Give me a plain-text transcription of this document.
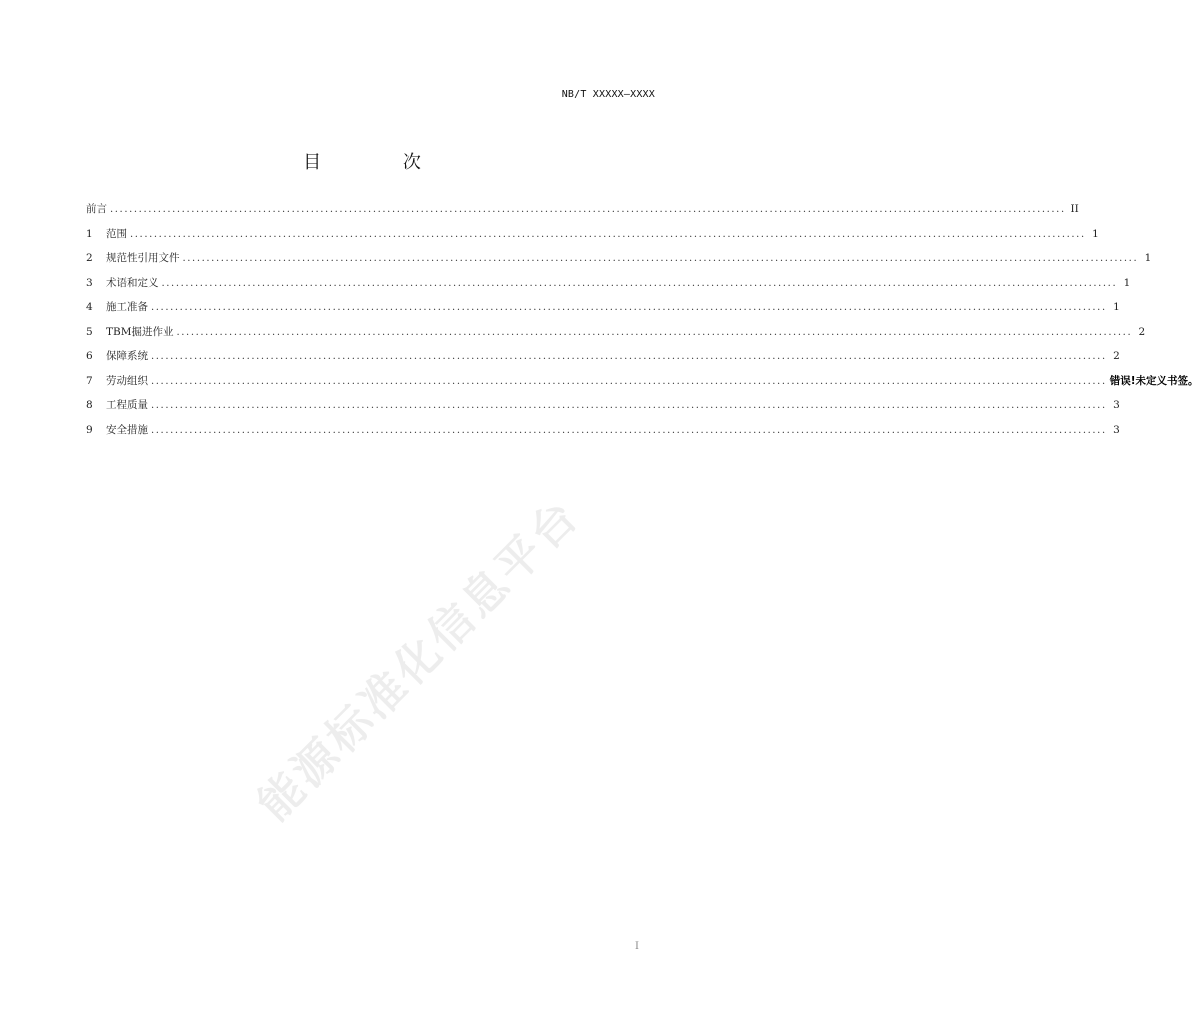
NB/T XXXXX—XXXX
目 次
前言 ........................................................................................................................................................................................................ II
1	范围 ........................................................................................................................................................................................................ 1
2	规范性引用文件 ........................................................................................................................................................................................................ 1
3	术语和定义 ........................................................................................................................................................................................................ 1
4	施工准备 ........................................................................................................................................................................................................ 1
5	TBM掘进作业 ........................................................................................................................................................................................................ 2
6	保障系统 ........................................................................................................................................................................................................ 2
7	劳动组织 ........................................................................................................................................................................................................ 错误!未定义书签。
8	工程质量 ........................................................................................................................................................................................................ 3
9	安全措施 ........................................................................................................................................................................................................ 3
能源标准化信息平台
I
